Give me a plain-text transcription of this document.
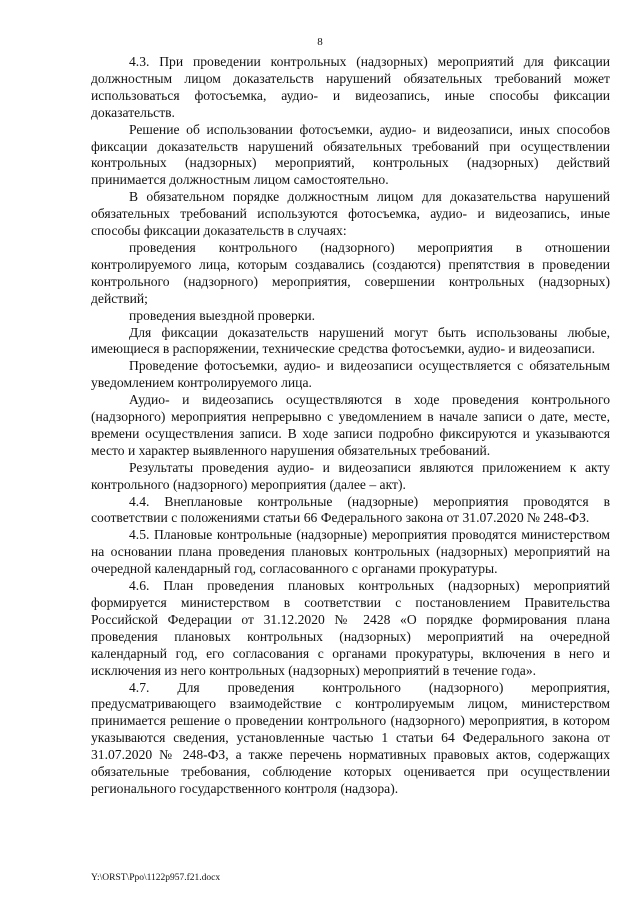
8

4.3. При проведении контрольных (надзорных) мероприятий для фиксации должностным лицом доказательств нарушений обязательных требований может использоваться фотосъемка, аудио- и видеозапись, иные способы фиксации доказательств.

Решение об использовании фотосъемки, аудио- и видеозаписи, иных способов фиксации доказательств нарушений обязательных требований при осуществлении контрольных (надзорных) мероприятий, контрольных (надзорных) действий принимается должностным лицом самостоятельно.

В обязательном порядке должностным лицом для доказательства нарушений обязательных требований используются фотосъемка, аудио- и видеозапись, иные способы фиксации доказательств в случаях:

проведения контрольного (надзорного) мероприятия в отношении контролируемого лица, которым создавались (создаются) препятствия в проведении контрольного (надзорного) мероприятия, совершении контрольных (надзорных) действий;

проведения выездной проверки.

Для фиксации доказательств нарушений могут быть использованы любые, имеющиеся в распоряжении, технические средства фотосъемки, аудио- и видеозаписи.

Проведение фотосъемки, аудио- и видеозаписи осуществляется с обязательным уведомлением контролируемого лица.

Аудио- и видеозапись осуществляются в ходе проведения контрольного (надзорного) мероприятия непрерывно с уведомлением в начале записи о дате, месте, времени осуществления записи. В ходе записи подробно фиксируются и указываются место и характер выявленного нарушения обязательных требований.

Результаты проведения аудио- и видеозаписи являются приложением к акту контрольного (надзорного) мероприятия (далее – акт).

4.4. Внеплановые контрольные (надзорные) мероприятия проводятся в соответствии с положениями статьи 66 Федерального закона от 31.07.2020 № 248-ФЗ.

4.5. Плановые контрольные (надзорные) мероприятия проводятся министерством на основании плана проведения плановых контрольных (надзорных) мероприятий на очередной календарный год, согласованного с органами прокуратуры.

4.6. План проведения плановых контрольных (надзорных) мероприятий формируется министерством в соответствии с постановлением Правительства Российской Федерации от 31.12.2020 № 2428 «О порядке формирования плана проведения плановых контрольных (надзорных) мероприятий на очередной календарный год, его согласования с органами прокуратуры, включения в него и исключения из него контрольных (надзорных) мероприятий в течение года».

4.7. Для проведения контрольного (надзорного) мероприятия, предусматривающего взаимодействие с контролируемым лицом, министерством принимается решение о проведении контрольного (надзорного) мероприятия, в котором указываются сведения, установленные частью 1 статьи 64 Федерального закона от 31.07.2020 № 248-ФЗ, а также перечень нормативных правовых актов, содержащих обязательные требования, соблюдение которых оценивается при осуществлении регионального государственного контроля (надзора).

Y:\ORST\Ppo\1122p957.f21.docx
